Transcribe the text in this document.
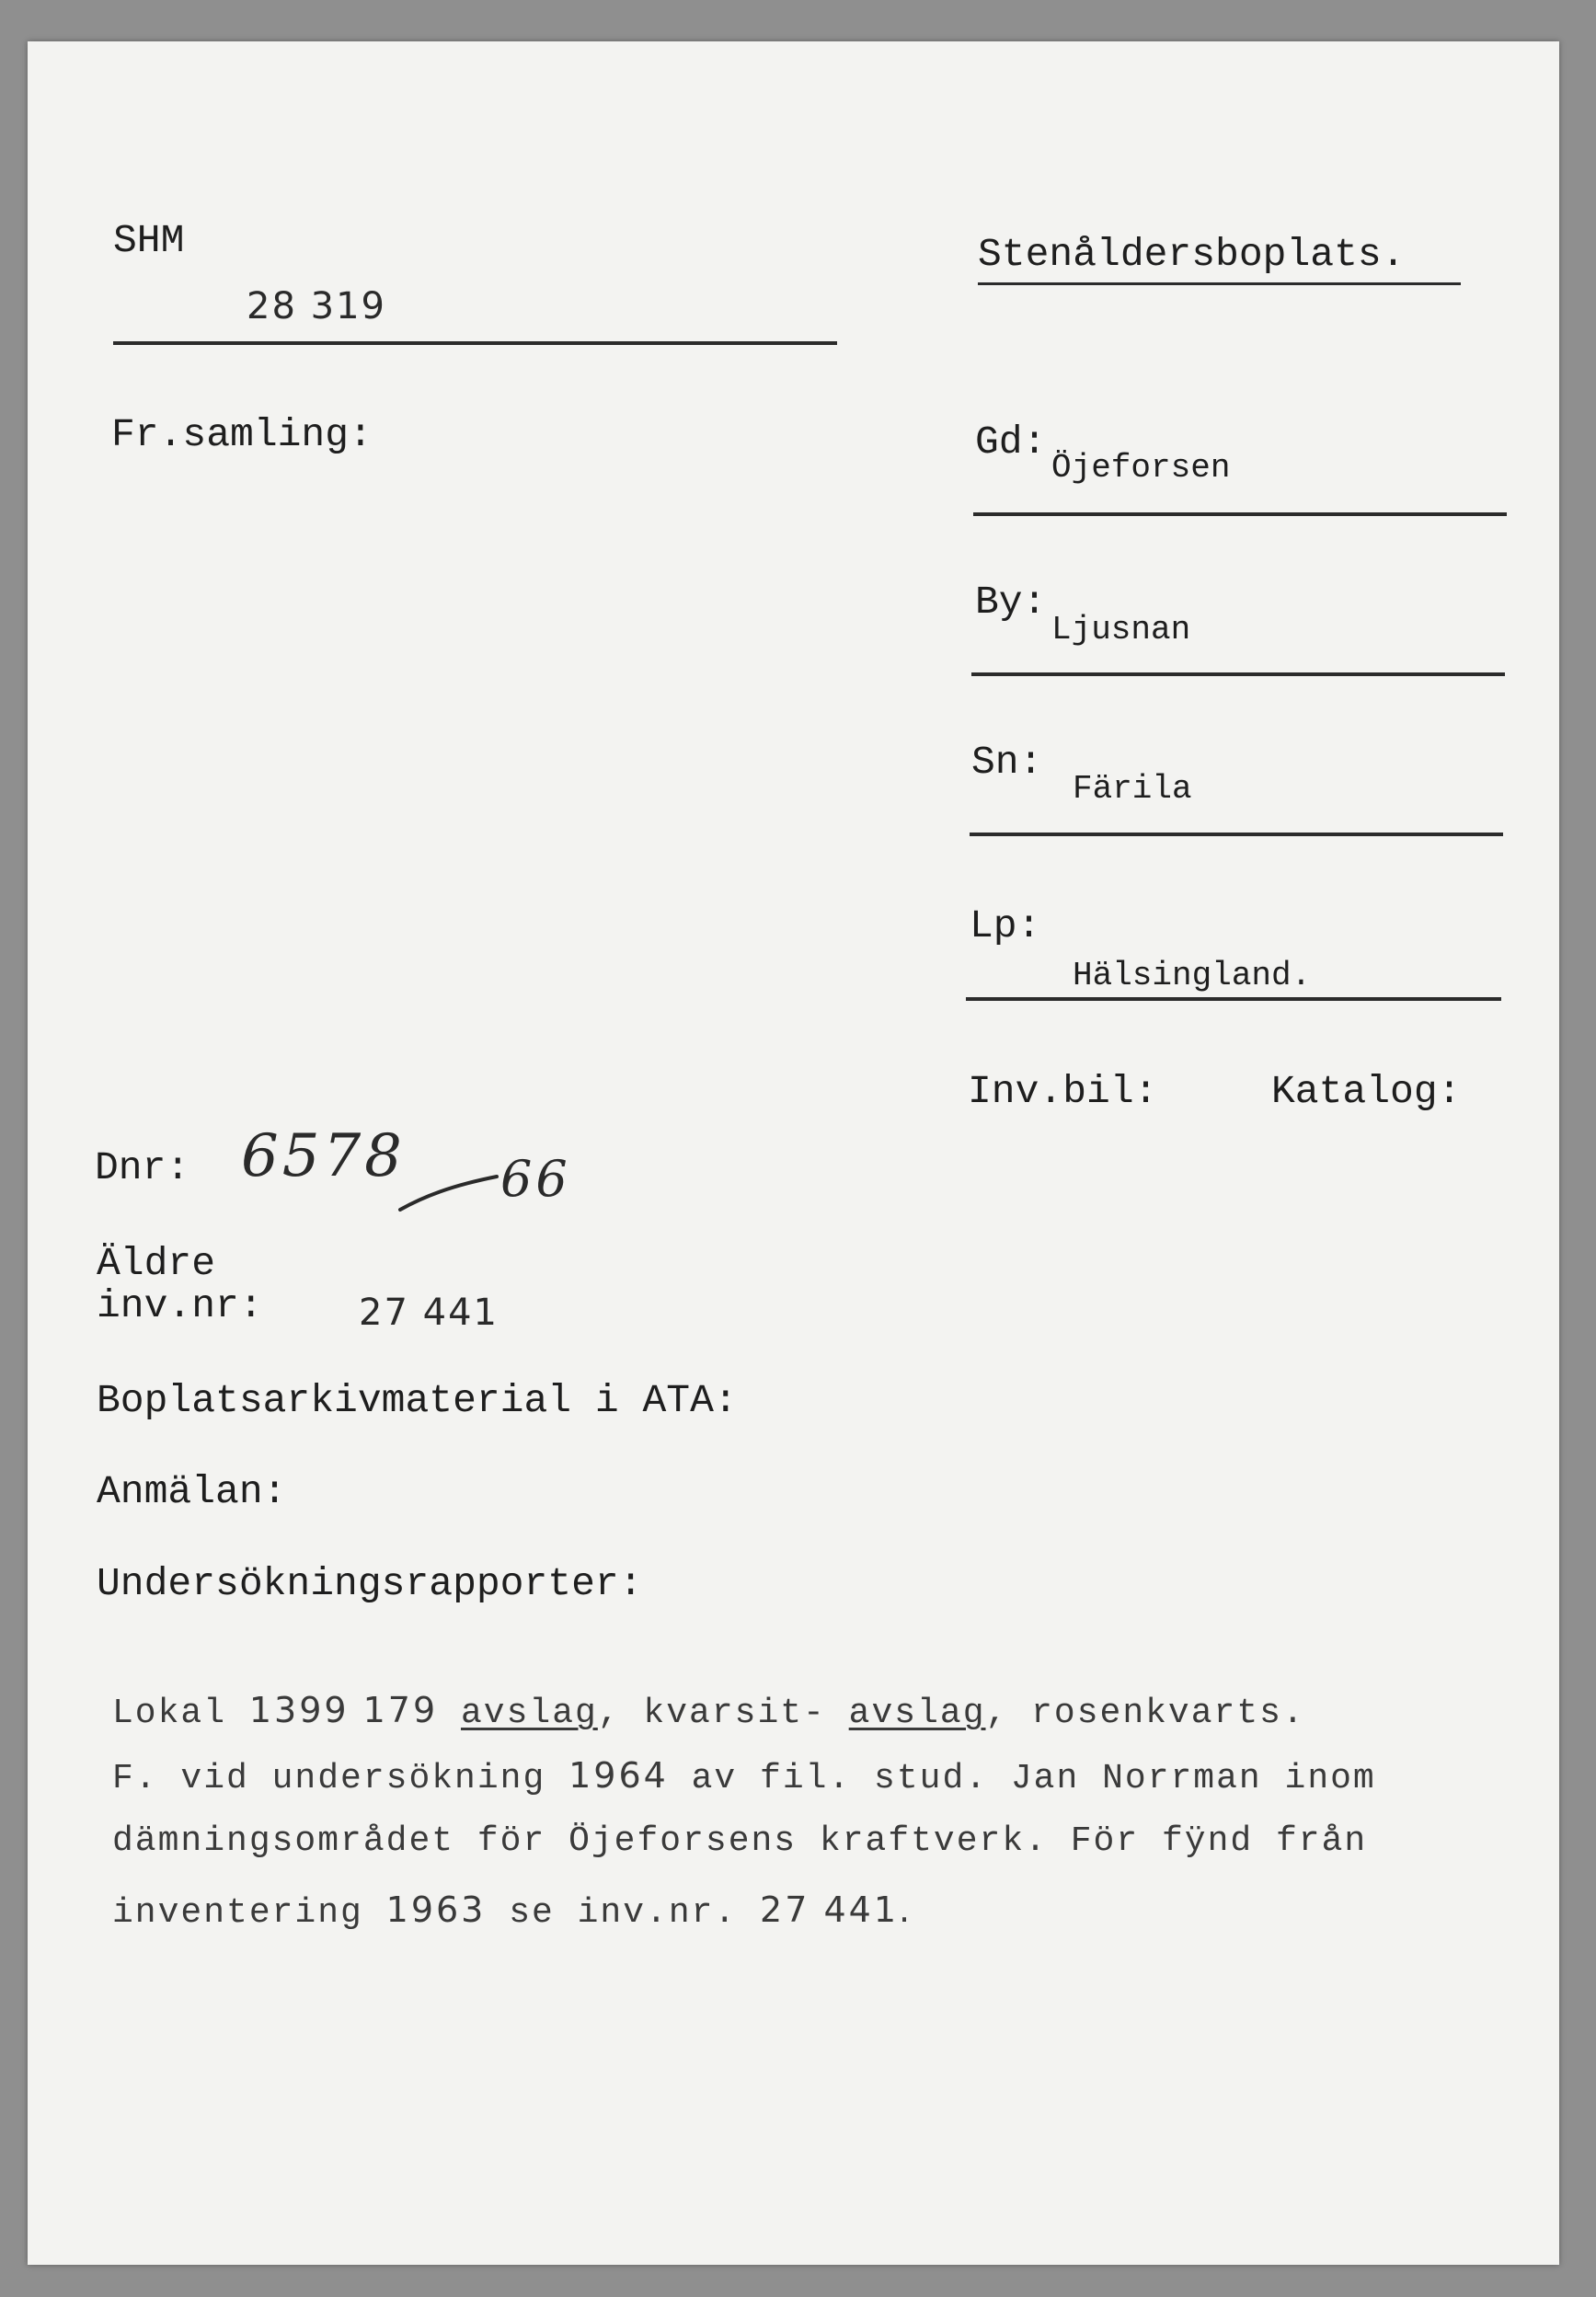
SHM
28 319
Stenåldersboplats.
Fr.samling:	Gd:
Öjeforsen
By:
Ljusnan
Sn:
Färila
Lp:
Hälsingland.
Inv.bil:	Katalog:
Dnr: 6578 66
Äldre
inv.nr:	27 441
Boplatsarkivmaterial i ATA:
Anmälan:
Undersökningsrapporter:
Lokal 1399 179 avslag, kvarsit- avslag, rosenkvarts.
F. vid undersökning 1964 av fil. stud. Jan Norrman inom
dämningsområdet för Öjeforsens kraftverk. För fÿnd från
inventering 1963 se inv.nr. 27 441.
